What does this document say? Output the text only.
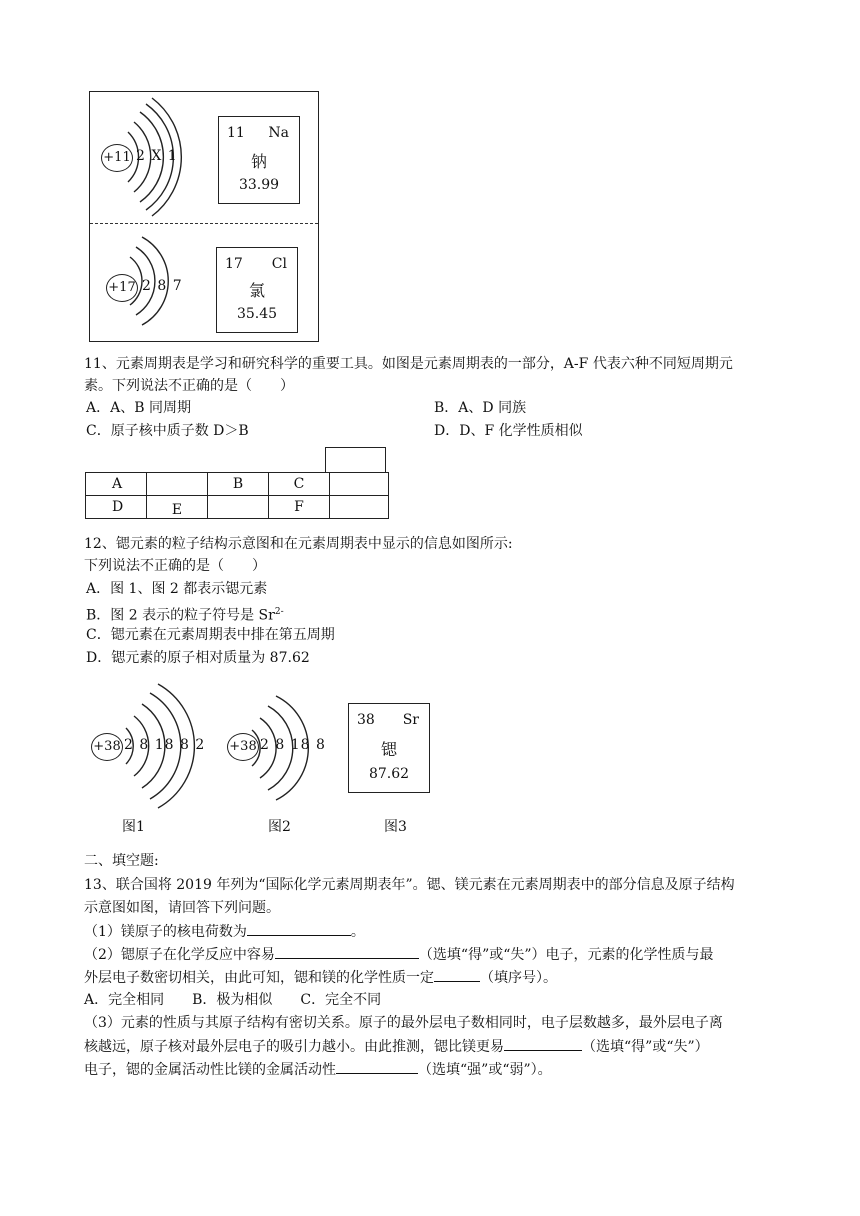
+11 2 X 1
11 Na
钠
33.99
+17 2 8 7
17 Cl
氯
35.45
11、元素周期表是学习和研究科学的重要工具。如图是元素周期表的一部分，A-F 代表六种不同短周期元
素。下列说法不正确的是（　　）
A．A、B 同周期	B．A、D 同族
C．原子核中质子数 D＞B	D．D、F 化学性质相似
A		B	C	
D	E		F	
12、锶元素的粒子结构示意图和在元素周期表中显示的信息如图所示:
下列说法不正确的是（　　）
A．图 1、图 2 都表示锶元素
B．图 2 表示的粒子符号是 $Sr^{2-}$
C．锶元素在元素周期表中排在第五周期
D．锶元素的原子相对质量为 87.62
+38 2 8 18 8 2
图1
+38 2 8 18 8
图2
38 Sr
锶
87.62
图3
二、填空题:
13、联合国将 2019 年列为“国际化学元素周期表年”。锶、镁元素在元素周期表中的部分信息及原子结构
示意图如图，请回答下列问题。
（1）镁原子的核电荷数为	。
（2）锶原子在化学反应中容易	（选填“得”或“失”）电子，元素的化学性质与最
外层电子数密切相关，由此可知，锶和镁的化学性质一定	（填序号）。
A．完全相同　　B．极为相似　　C．完全不同
（3）元素的性质与其原子结构有密切关系。原子的最外层电子数相同时，电子层数越多，最外层电子离
核越远，原子核对最外层电子的吸引力越小。由此推测，锶比镁更易	（选填“得”或“失”）
电子，锶的金属活动性比镁的金属活动性	（选填“强”或“弱”）。
